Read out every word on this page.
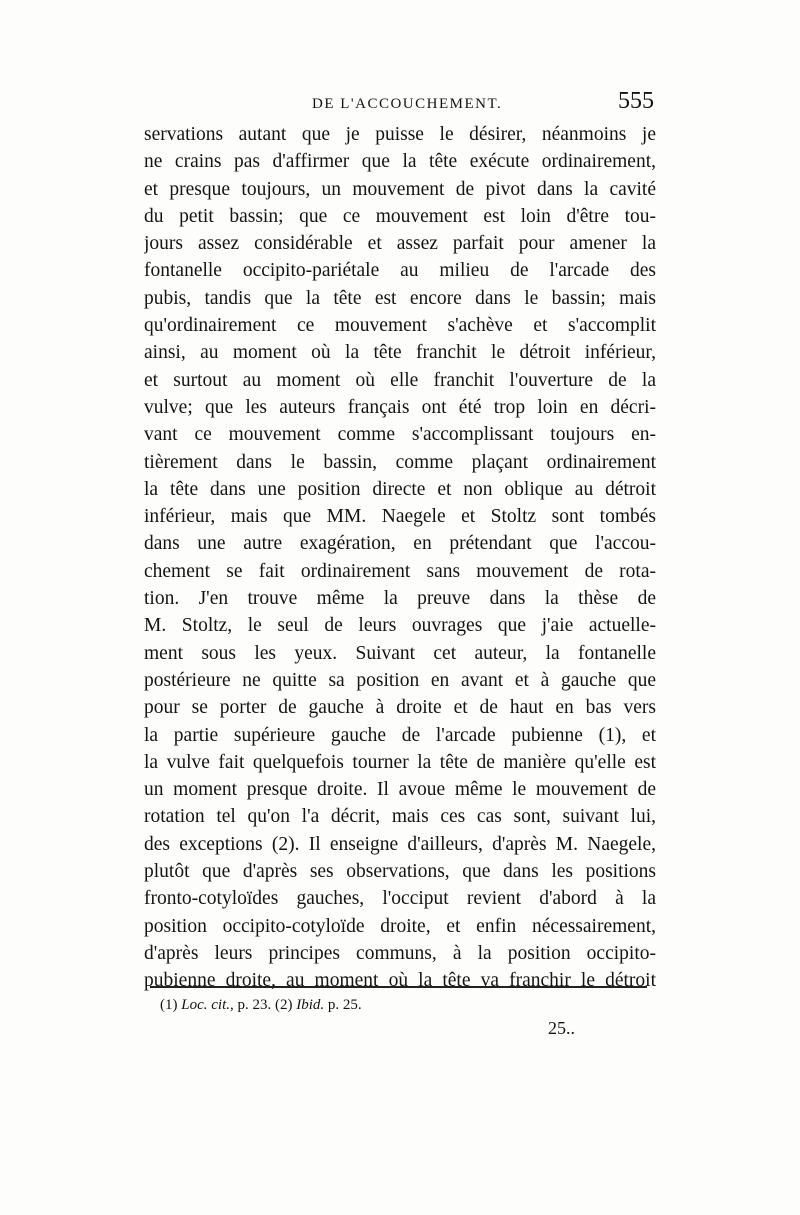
DE L'ACCOUCHEMENT.	555
servations autant que je puisse le désirer, néanmoins je
ne crains pas d'affirmer que la tête exécute ordinairement,
et presque toujours, un mouvement de pivot dans la cavité
du petit bassin; que ce mouvement est loin d'être tou-
jours assez considérable et assez parfait pour amener la
fontanelle occipito-pariétale au milieu de l'arcade des
pubis, tandis que la tête est encore dans le bassin; mais
qu'ordinairement ce mouvement s'achève et s'accomplit
ainsi, au moment où la tête franchit le détroit inférieur,
et surtout au moment où elle franchit l'ouverture de la
vulve; que les auteurs français ont été trop loin en décri-
vant ce mouvement comme s'accomplissant toujours en-
tièrement dans le bassin, comme plaçant ordinairement
la tête dans une position directe et non oblique au détroit
inférieur, mais que MM. Naegele et Stoltz sont tombés
dans une autre exagération, en prétendant que l'accou-
chement se fait ordinairement sans mouvement de rota-
tion. J'en trouve même la preuve dans la thèse de
M. Stoltz, le seul de leurs ouvrages que j'aie actuelle-
ment sous les yeux. Suivant cet auteur, la fontanelle
postérieure ne quitte sa position en avant et à gauche que
pour se porter de gauche à droite et de haut en bas vers
la partie supérieure gauche de l'arcade pubienne (1), et
la vulve fait quelquefois tourner la tête de manière qu'elle est
un moment presque droite. Il avoue même le mouvement de
rotation tel qu'on l'a décrit, mais ces cas sont, suivant lui,
des exceptions (2). Il enseigne d'ailleurs, d'après M. Naegele,
plutôt que d'après ses observations, que dans les positions
fronto-cotyloïdes gauches, l'occiput revient d'abord à la
position occipito-cotyloïde droite, et enfin nécessairement,
d'après leurs principes communs, à la position occipito-
pubienne droite, au moment où la tête va franchir le détroit
(1) Loc. cit., p. 23. (2) Ibid. p. 25.
25..
